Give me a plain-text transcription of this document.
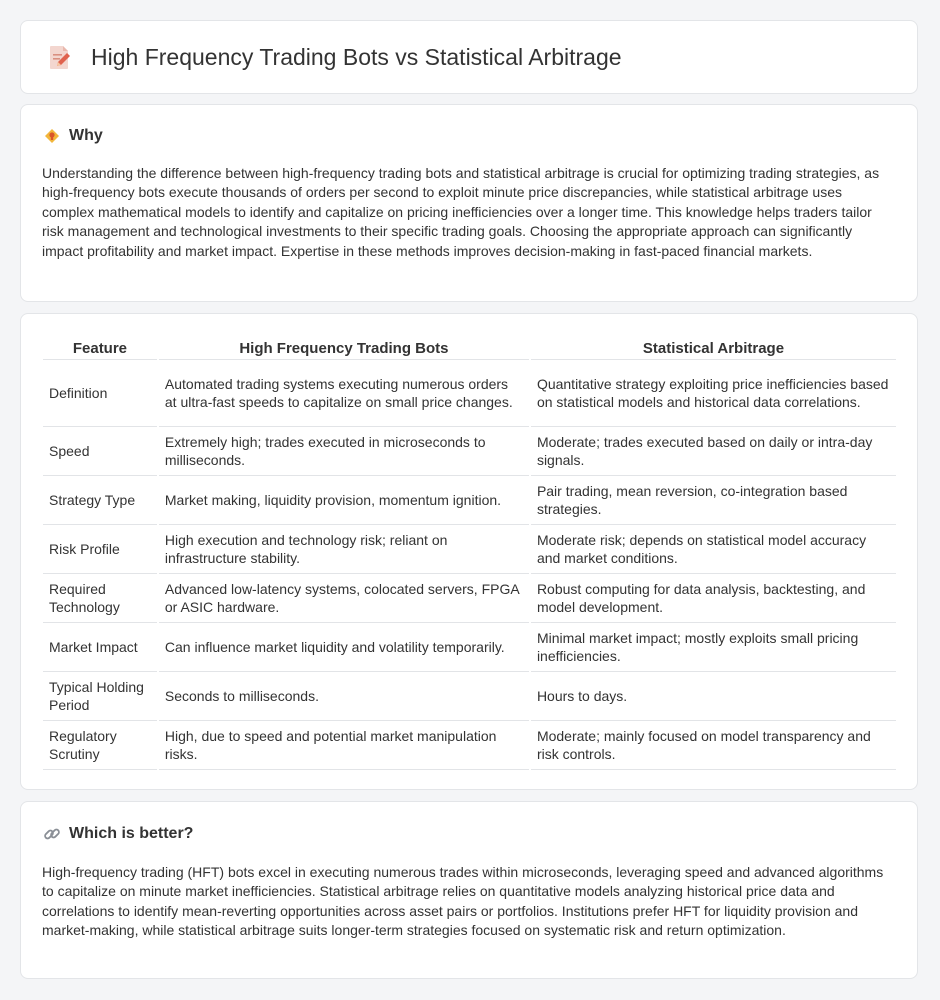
High Frequency Trading Bots vs Statistical Arbitrage
Why

Understanding the difference between high-frequency trading bots and statistical arbitrage is crucial for optimizing trading strategies, as high-frequency bots execute thousands of orders per second to exploit minute price discrepancies, while statistical arbitrage uses complex mathematical models to identify and capitalize on pricing inefficiencies over a longer time. This knowledge helps traders tailor risk management and technological investments to their specific trading goals. Choosing the appropriate approach can significantly impact profitability and market impact. Expertise in these methods improves decision-making in fast-paced financial markets.

Feature	High Frequency Trading Bots	Statistical Arbitrage
Definition	Automated trading systems executing numerous orders at ultra-fast speeds to capitalize on small price changes.	Quantitative strategy exploiting price inefficiencies based on statistical models and historical data correlations.
Speed	Extremely high; trades executed in microseconds to milliseconds.	Moderate; trades executed based on daily or intra-day signals.
Strategy Type	Market making, liquidity provision, momentum ignition.	Pair trading, mean reversion, co-integration based strategies.
Risk Profile	High execution and technology risk; reliant on infrastructure stability.	Moderate risk; depends on statistical model accuracy and market conditions.
Required Technology	Advanced low-latency systems, colocated servers, FPGA or ASIC hardware.	Robust computing for data analysis, backtesting, and model development.
Market Impact	Can influence market liquidity and volatility temporarily.	Minimal market impact; mostly exploits small pricing inefficiencies.
Typical Holding Period	Seconds to milliseconds.	Hours to days.
Regulatory Scrutiny	High, due to speed and potential market manipulation risks.	Moderate; mainly focused on model transparency and risk controls.
Which is better?

High-frequency trading (HFT) bots excel in executing numerous trades within microseconds, leveraging speed and advanced algorithms to capitalize on minute market inefficiencies. Statistical arbitrage relies on quantitative models analyzing historical price data and correlations to identify mean-reverting opportunities across asset pairs or portfolios. Institutions prefer HFT for liquidity provision and market-making, while statistical arbitrage suits longer-term strategies focused on systematic risk and return optimization.
